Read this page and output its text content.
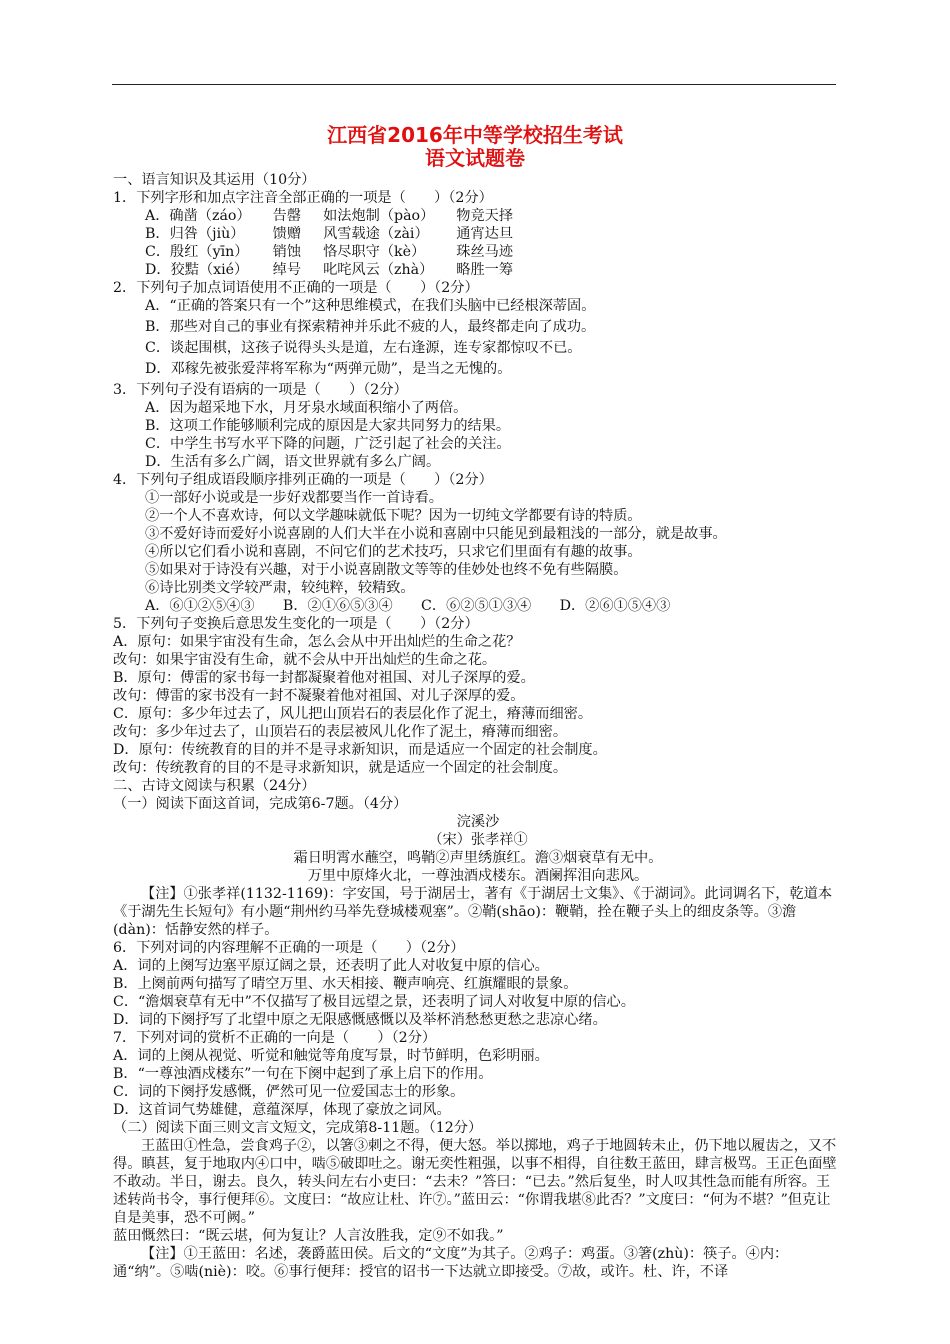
江西省2016年中等学校招生考试
语文试题卷
一、语言知识及其运用（10分）
1．下列字形和加点字注音全部正确的一项是（　　）（2分）
A．确凿（záo）	告罄	如法炮制（pào）	物竞天择
B．归咎（jiù）	馈赠	风雪载途（zài）	通宵达旦
C．殷红（yīn）	销蚀	恪尽职守（kè）	珠丝马迹
D．狡黠（xié）	绰号	叱咤风云（zhà）	略胜一筹
2．下列句子加点词语使用不正确的一项是（　　）（2分）
A．“正确的答案只有一个”这种思维模式，在我们头脑中已经根深蒂固。
B．那些对自己的事业有探索精神并乐此不疲的人，最终都走向了成功。
C．谈起围棋，这孩子说得头头是道，左右逢源，连专家都惊叹不已。
D．邓稼先被张爱萍将军称为“两弹元勋”，是当之无愧的。
3．下列句子没有语病的一项是（　　）（2分）
A．因为超采地下水，月牙泉水域面积缩小了两倍。
B．这项工作能够顺利完成的原因是大家共同努力的结果。
C．中学生书写水平下降的问题，广泛引起了社会的关注。
D．生活有多么广阔，语文世界就有多么广阔。
4．下列句子组成语段顺序排列正确的一项是（　　）（2分）
①一部好小说或是一步好戏都要当作一首诗看。
②一个人不喜欢诗，何以文学趣味就低下呢？因为一切纯文学都要有诗的特质。
③不爱好诗而爱好小说喜剧的人们大半在小说和喜剧中只能见到最粗浅的一部分，就是故事。
④所以它们看小说和喜剧，不问它们的艺术技巧，只求它们里面有有趣的故事。
⑤如果对于诗没有兴趣，对于小说喜剧散文等等的佳妙处也终不免有些隔膜。
⑥诗比别类文学较严肃，较纯粹，较精致。
A．⑥①②⑤④③　　B．②①⑥⑤③④　　C．⑥②⑤①③④　　D．②⑥①⑤④③
5．下列句子变换后意思发生变化的一项是（　　）（2分）
A．原句：如果宇宙没有生命，怎么会从中开出灿烂的生命之花？
改句：如果宇宙没有生命，就不会从中开出灿烂的生命之花。
B．原句：傅雷的家书每一封都凝聚着他对祖国、对儿子深厚的爱。
改句：傅雷的家书没有一封不凝聚着他对祖国、对儿子深厚的爱。
C．原句：多少年过去了，风儿把山顶岩石的表层化作了泥土，瘠薄而细密。
改句：多少年过去了，山顶岩石的表层被风儿化作了泥土，瘠薄而细密。
D．原句：传统教育的目的并不是寻求新知识，而是适应一个固定的社会制度。
改句：传统教育的目的不是寻求新知识，就是适应一个固定的社会制度。
二、古诗文阅读与积累（24分）
（一）阅读下面这首词，完成第6-7题。（4分）
浣溪沙
（宋）张孝祥①
霜日明霄水蘸空，鸣鞘②声里绣旗红。澹③烟衰草有无中。
万里中原烽火北，一尊浊酒戍楼东。酒阑挥泪向悲风。
【注】①张孝祥(1132-1169)：字安国，号于湖居士，著有《于湖居士文集》、《于湖词》。此词调名下，乾道本《于湖先生长短句》有小题“荆州约马举先登城楼观塞”。②鞘(shāo)：鞭鞘，拴在鞭子头上的细皮条等。③澹(dàn)：恬静安然的样子。
6．下列对词的内容理解不正确的一项是（　　）（2分）
A．词的上阕写边塞平原辽阔之景，还表明了此人对收复中原的信心。
B．上阕前两句描写了晴空万里、水天相接、鞭声响亮、红旗耀眼的景象。
C．“澹烟衰草有无中”不仅描写了极目远望之景，还表明了词人对收复中原的信心。
D．词的下阕抒写了北望中原之无限感慨感慨以及举杯消愁愁更愁之悲凉心绪。
7．下列对词的赏析不正确的一向是（　　）（2分）
A．词的上阕从视觉、听觉和触觉等角度写景，时节鲜明，色彩明丽。
B．“一尊浊酒戍楼东”一句在下阕中起到了承上启下的作用。
C．词的下阕抒发感慨，俨然可见一位爱国志士的形象。
D．这首词气势雄健，意蕴深厚，体现了豪放之词风。
（二）阅读下面三则文言文短文，完成第8-11题。（12分）
王蓝田①性急，尝食鸡子②，以箸③刺之不得，便大怒。举以掷地，鸡子于地圆转未止，仍下地以履齿之，又不得。瞋甚，复于地取内④口中，啮⑤破即吐之。谢无奕性粗强，以事不相得，自往数王蓝田，肆言极骂。王正色面壁不敢动。半日，谢去。良久，转头问左右小吏曰：“去未？”答曰：“已去。”然后复坐，时人叹其性急而能有所容。王述转尚书令，事行便拜⑥。文度曰：“故应让杜、许⑦。”蓝田云：“你谓我堪⑧此否？”文度曰：“何为不堪？”但克让自是美事，恐不可阙。”
蓝田慨然曰：“既云堪，何为复让？人言汝胜我，定⑨不如我。”
【注】①王蓝田：名述，袭爵蓝田侯。后文的“文度”为其子。②鸡子：鸡蛋。③箸(zhù)：筷子。④内：通“纳”。⑤啮(niè)：咬。⑥事行便拜：授官的诏书一下达就立即接受。⑦故，或许。杜、许，不译
